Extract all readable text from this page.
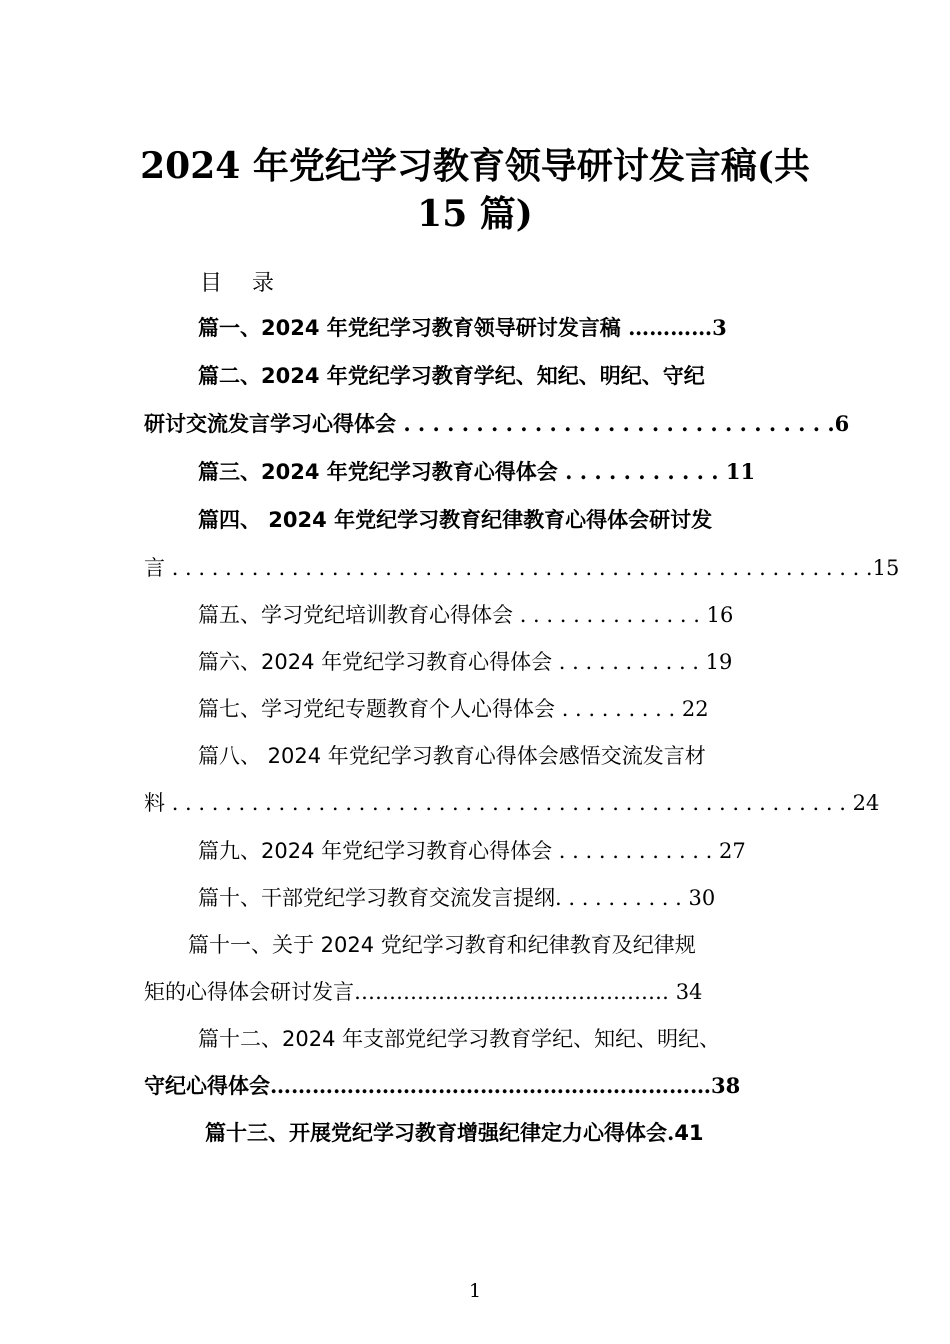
2024 年党纪学习教育领导研讨发言稿(共
15 篇)
目录
篇一、2024 年党纪学习教育领导研讨发言稿 …………3
篇二、2024 年党纪学习教育学纪、知纪、明纪、守纪
研讨交流发言学习心得体会 . . . . . . . . . . . . . . . . . . . . . . . . . . . . . .6
篇三、2024 年党纪学习教育心得体会 . . . . . . . . . . . 11
篇四、 2024 年党纪学习教育纪律教育心得体会研讨发
言 . . . . . . . . . . . . . . . . . . . . . . . . . . . . . . . . . . . . . . . . . . . . . . . . . . . . .15
篇五、学习党纪培训教育心得体会 . . . . . . . . . . . . . . 16
篇六、2024 年党纪学习教育心得体会 . . . . . . . . . . . 19
篇七、学习党纪专题教育个人心得体会 . . . . . . . . . 22
篇八、 2024 年党纪学习教育心得体会感悟交流发言材
料 . . . . . . . . . . . . . . . . . . . . . . . . . . . . . . . . . . . . . . . . . . . . . . . . . . . 24
篇九、2024 年党纪学习教育心得体会 . . . . . . . . . . . . 27
篇十、干部党纪学习教育交流发言提纲. . . . . . . . . . 30
篇十一、关于 2024 党纪学习教育和纪律教育及纪律规
矩的心得体会研讨发言……………………………………… 34
篇十二、2024 年支部党纪学习教育学纪、知纪、明纪、
守纪心得体会………………………………………………………38
篇十三、开展党纪学习教育增强纪律定力心得体会.41
1
